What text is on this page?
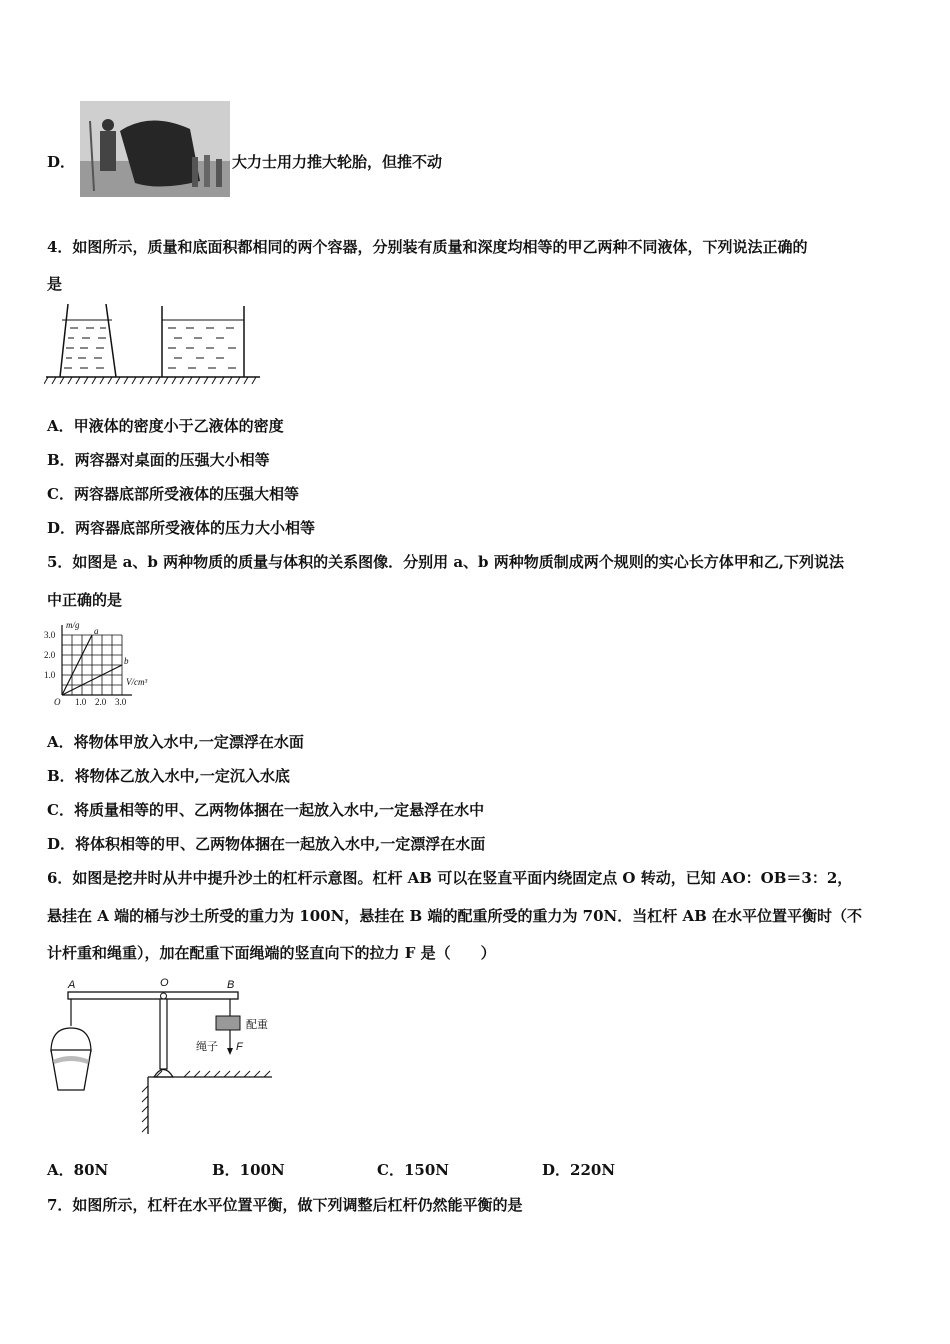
D．	大力士用力推大轮胎，但推不动
4．如图所示，质量和底面积都相同的两个容器，分别装有质量和深度均相等的甲乙两种不同液体，下列说法正确的
是
A．甲液体的密度小于乙液体的密度
B．两容器对桌面的压强大小相等
C．两容器底部所受液体的压强大相等
D．两容器底部所受液体的压力大小相等
5．如图是 a、b 两种物质的质量与体积的关系图像．分别用 a、b 两种物质制成两个规则的实心长方体甲和乙,下列说法
中正确的是
a
b
1.0 2.0 3.0
1.0
2.0
3.0
m/g
V/cm³
O
A．将物体甲放入水中,一定漂浮在水面
B．将物体乙放入水中,一定沉入水底
C．将质量相等的甲、乙两物体捆在一起放入水中,一定悬浮在水中
D．将体积相等的甲、乙两物体捆在一起放入水中,一定漂浮在水面
6．如图是挖井时从井中提升沙土的杠杆示意图。杠杆 AB 可以在竖直平面内绕固定点 O 转动，已知 AO：OB＝3：2，
悬挂在 A 端的桶与沙土所受的重力为 100N，悬挂在 B 端的配重所受的重力为 70N．当杠杆 AB 在水平位置平衡时（不
计杆重和绳重），加在配重下面绳端的竖直向下的拉力 F 是（　　）
A	O	B
配重
绳子 F
A．80N	B．100N	C．150N	D．220N
7．如图所示，杠杆在水平位置平衡，做下列调整后杠杆仍然能平衡的是
